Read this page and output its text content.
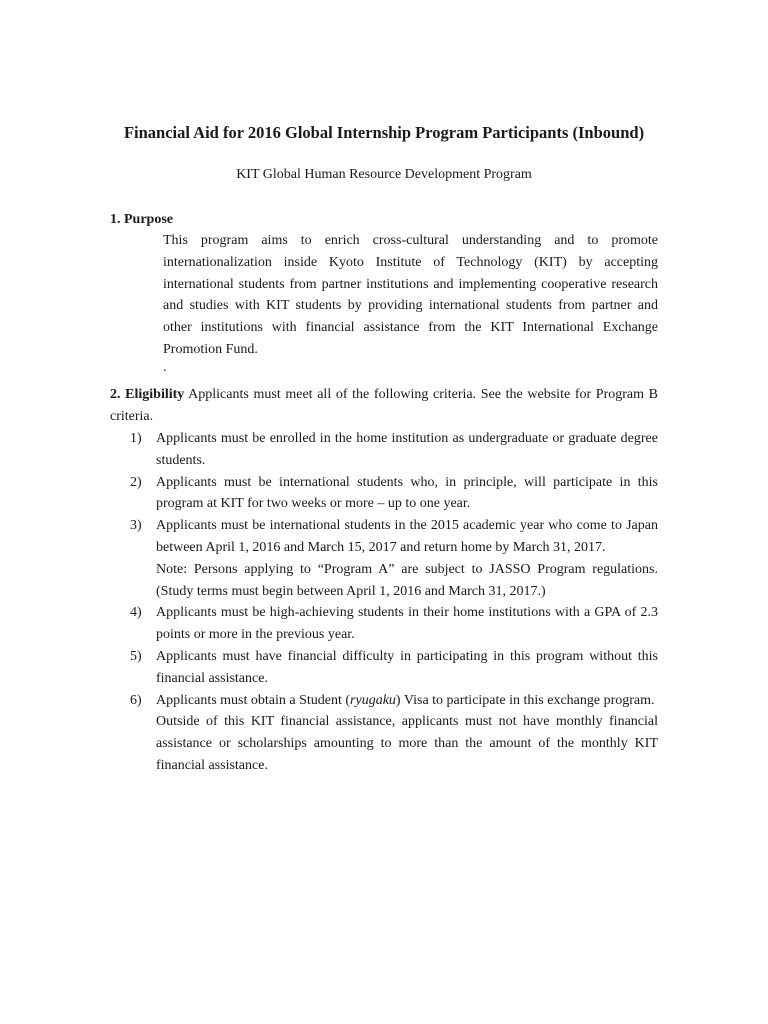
Financial Aid for 2016 Global Internship Program Participants (Inbound)
KIT Global Human Resource Development Program
1. Purpose
This program aims to enrich cross-cultural understanding and to promote internationalization inside Kyoto Institute of Technology (KIT) by accepting international students from partner institutions and implementing cooperative research and studies with KIT students by providing international students from partner and other institutions with financial assistance from the KIT International Exchange Promotion Fund.
.
2. Eligibility Applicants must meet all of the following criteria. See the website for Program B criteria.
1) Applicants must be enrolled in the home institution as undergraduate or graduate degree students.

2) Applicants must be international students who, in principle, will participate in this program at KIT for two weeks or more – up to one year.

3) Applicants must be international students in the 2015 academic year who come to Japan between April 1, 2016 and March 15, 2017 and return home by March 31, 2017.

Note: Persons applying to “Program A” are subject to JASSO Program regulations. (Study terms must begin between April 1, 2016 and March 31, 2017.)

4) Applicants must be high-achieving students in their home institutions with a GPA of 2.3 points or more in the previous year.

5) Applicants must have financial difficulty in participating in this program without this financial assistance.

6) Applicants must obtain a Student (ryugaku) Visa to participate in this exchange program.

Outside of this KIT financial assistance, applicants must not have monthly financial assistance or scholarships amounting to more than the amount of the monthly KIT financial assistance.
